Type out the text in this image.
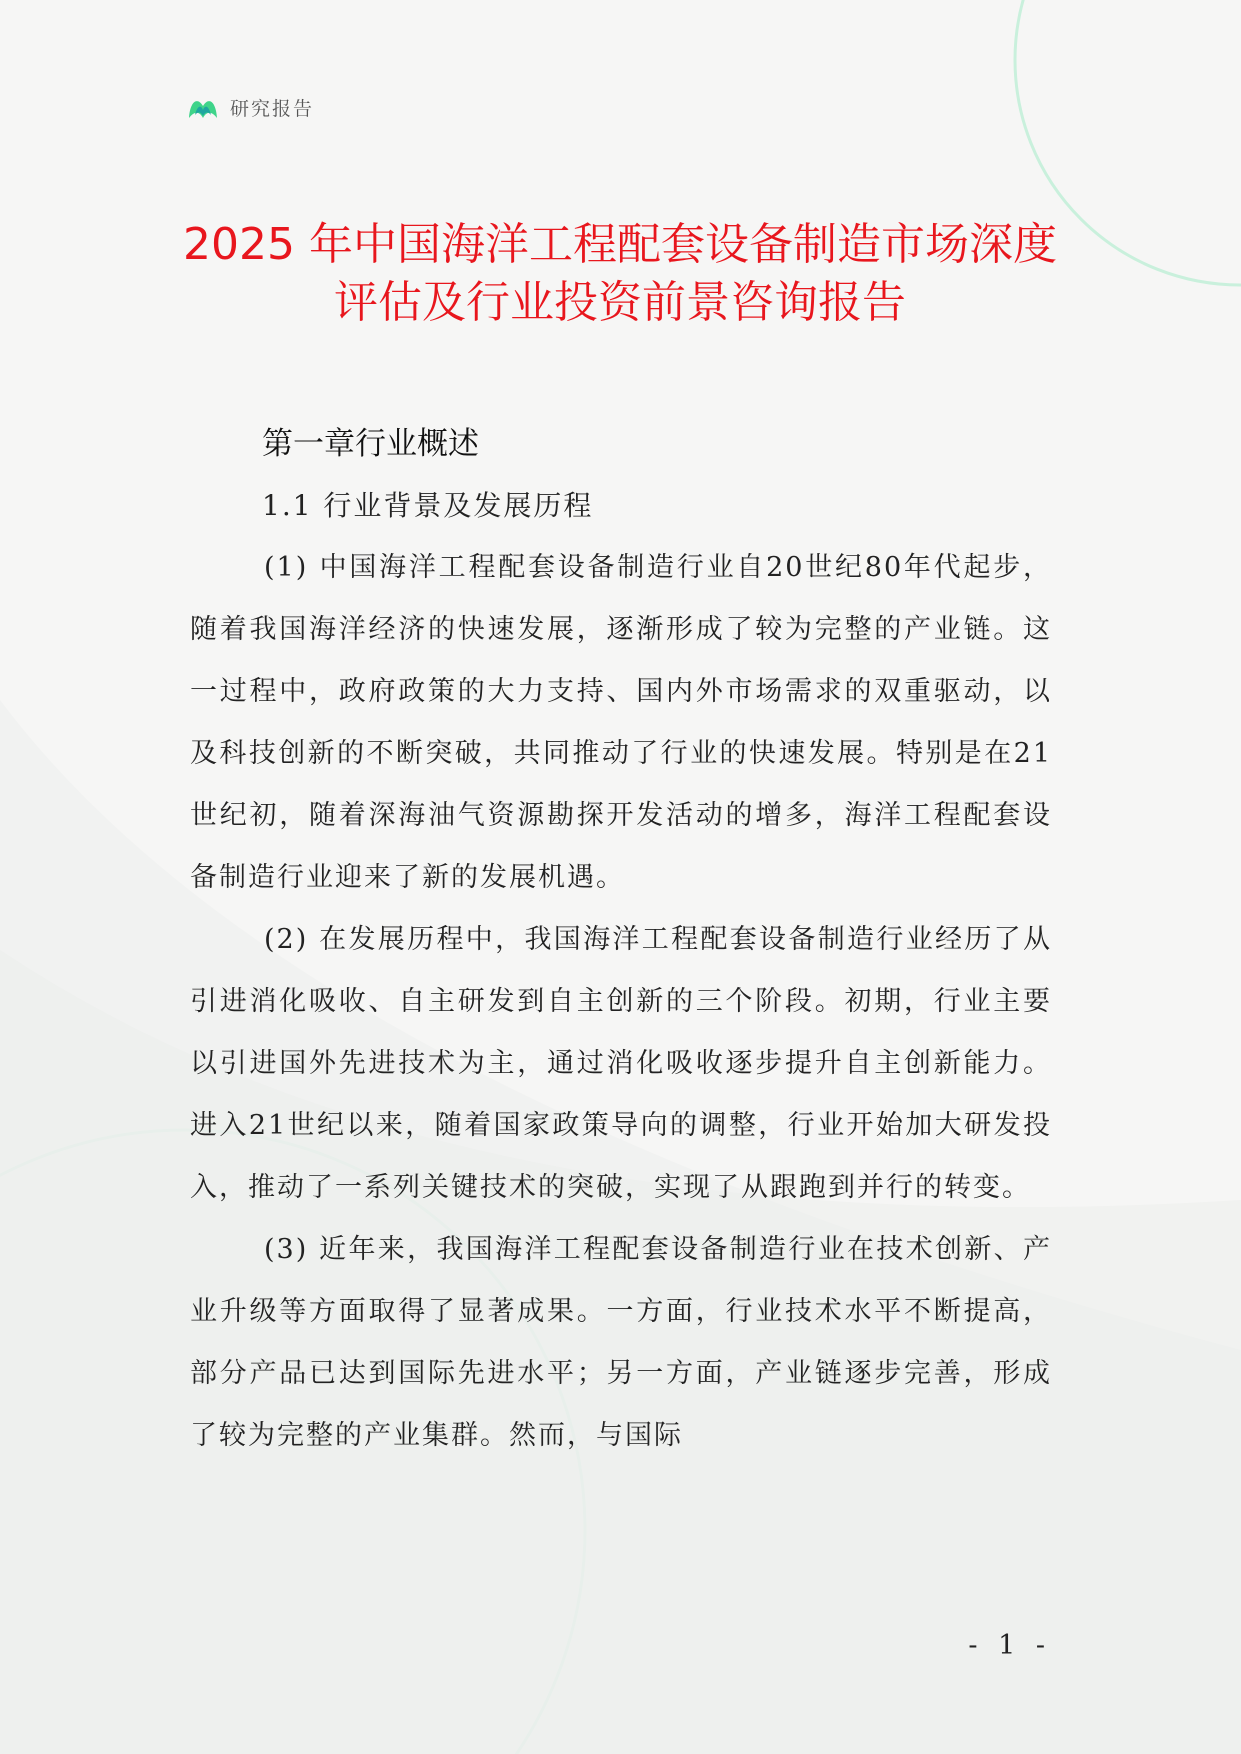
研究报告
2025 年中国海洋工程配套设备制造市场深度评估及行业投资前景咨询报告
第一章行业概述
1.1 行业背景及发展历程

(1) 中国海洋工程配套设备制造行业自20世纪80年代起步，随着我国海洋经济的快速发展，逐渐形成了较为完整的产业链。这一过程中，政府政策的大力支持、国内外市场需求的双重驱动，以及科技创新的不断突破，共同推动了行业的快速发展。特别是在21世纪初，随着深海油气资源勘探开发活动的增多，海洋工程配套设备制造行业迎来了新的发展机遇。

(2) 在发展历程中，我国海洋工程配套设备制造行业经历了从引进消化吸收、自主研发到自主创新的三个阶段。初期，行业主要以引进国外先进技术为主，通过消化吸收逐步提升自主创新能力。进入21世纪以来，随着国家政策导向的调整，行业开始加大研发投入，推动了一系列关键技术的突破，实现了从跟跑到并行的转变。

(3) 近年来，我国海洋工程配套设备制造行业在技术创新、产业升级等方面取得了显著成果。一方面，行业技术水平不断提高，部分产品已达到国际先进水平；另一方面，产业链逐步完善，形成了较为完整的产业集群。然而，与国际

- 1 -
